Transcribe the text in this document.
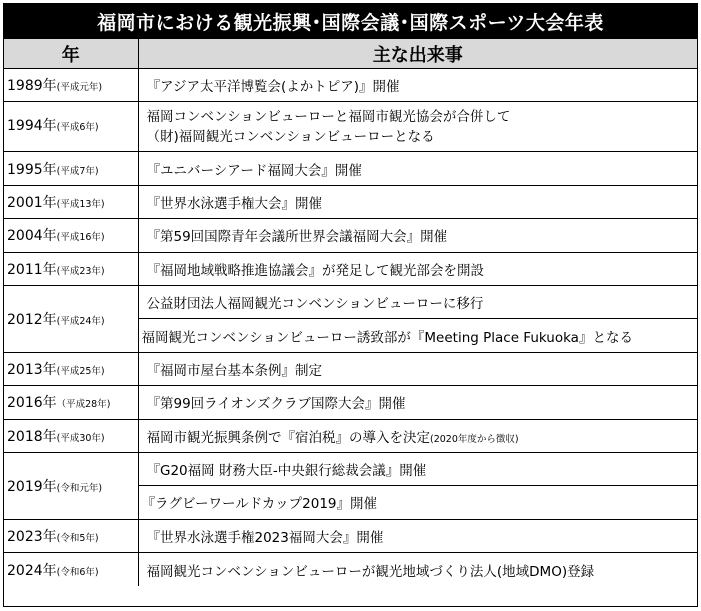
福岡市における観光振興･国際会議･国際スポーツ大会年表
年	主な出来事
1989年(平成元年)	『アジア太平洋博覧会(よかトピア)』開催
1994年(平成6年)	福岡コンベンションビューローと福岡市観光協会が合併して
（財)福岡観光コンベンションビューローとなる
1995年(平成7年)	『ユニバーシアード福岡大会』開催
2001年(平成13年)	『世界水泳選手権大会』開催
2004年(平成16年)	『第59回国際青年会議所世界会議福岡大会』開催
2011年(平成23年)	『福岡地域戦略推進協議会』が発足して観光部会を開設
2012年(平成24年)	公益財団法人福岡観光コンベンションビューローに移行
	福岡観光コンベンションビューロー誘致部が『Meeting Place Fukuoka』となる
2013年(平成25年)	『福岡市屋台基本条例』制定
2016年（平成28年)	『第99回ライオンズクラブ国際大会』開催
2018年(平成30年)	福岡市観光振興条例で『宿泊税』の導入を決定(2020年度から徴収)
2019年(令和元年)	『G20福岡 財務大臣-中央銀行総裁会議』開催
	『ラグビーワールドカップ2019』開催
2023年(令和5年)	『世界水泳選手権2023福岡大会』開催
2024年(令和6年)	福岡観光コンベンションビューローが観光地域づくり法人(地域DMO)登録
